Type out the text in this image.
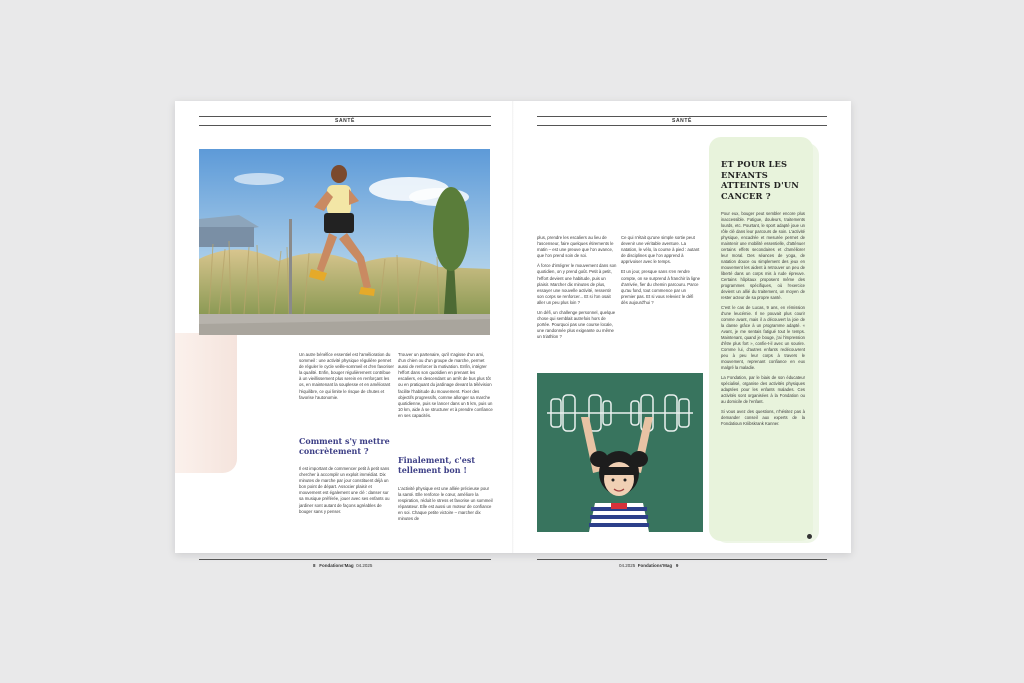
SANTÉ

Un autre bénéfice essentiel est l'amélioration du sommeil : une activité physique régulière permet de réguler le cycle veille-sommeil et d'en favoriser la qualité. Enfin, bouger régulièrement contribue à un vieillissement plus serein en renforçant les os, en maintenant la souplesse et en améliorant l'équilibre, ce qui limite le risque de chutes et favorise l'autonomie.

Comment s'y mettre concrètement ?

Il est important de commencer petit à petit sans chercher à accomplir un exploit immédiat. Dix minutes de marche par jour constituent déjà un bon point de départ. Associer plaisir et mouvement est également une clé : danser sur sa musique préférée, jouer avec ses enfants ou jardiner sont autant de façons agréables de bouger sans y penser.

Trouver un partenaire, qu'il s'agisse d'un ami, d'un chien ou d'un groupe de marche, permet aussi de renforcer la motivation. Enfin, intégrer l'effort dans son quotidien en prenant les escaliers, en descendant un arrêt de bus plus tôt ou en pratiquant du jardinage devant la télévision facilite l'habitude du mouvement. Fixer des objectifs progressifs, comme allonger sa marche quotidienne, puis se lancer dans un 5 km, puis un 10 km, aide à se structurer et à prendre confiance en ses capacités.

Finalement, c'est tellement bon !

L'activité physique est une alliée précieuse pour la santé. Elle renforce le cœur, améliore la respiration, réduit le stress et favorise un sommeil réparateur. Elle est aussi un moteur de confiance en soi. Chaque petite victoire – marcher dix minutes de

8 Fondations'Mag 04.2025
SANTÉ

plus, prendre les escaliers au lieu de l'ascenseur, faire quelques étirements le matin – est une preuve que l'on avance, que l'on prend soin de soi.

À force d'intégrer le mouvement dans son quotidien, on y prend goût. Petit à petit, l'effort devient une habitude, puis un plaisir. Marcher dix minutes de plus, essayer une nouvelle activité, ressentir son corps se renforcer... Et si l'on osait aller un peu plus loin ?

Un défi, un challenge personnel, quelque chose qui semblait autrefois hors de portée. Pourquoi pas une course locale, une randonnée plus exigeante ou même un triathlon ?

Ce qui n'était qu'une simple sortie peut devenir une véritable aventure. La natation, le vélo, la course à pied : autant de disciplines que l'on apprend à apprivoiser avec le temps.

Et un jour, presque sans s'en rendre compte, on se surprend à franchir la ligne d'arrivée, fier du chemin parcouru. Parce qu'au fond, tout commence par un premier pas. Et si vous releviez le défi dès aujourd'hui ?

ET POUR LES ENFANTS ATTEINTS D'UN CANCER ?

Pour eux, bouger peut sembler encore plus inaccessible. Fatigue, douleurs, traitements lourds, etc. Pourtant, le sport adapté joue un rôle clé dans leur parcours de soin. L'activité physique, encadrée et mesurée permet de maintenir une mobilité essentielle, d'atténuer certains effets secondaires et d'améliorer leur moral. Des séances de yoga, de natation douce ou simplement des jeux en mouvement les aident à retrouver un peu de liberté dans un corps mis à rude épreuve. Certains hôpitaux proposent même des programmes spécifiques, où l'exercice devient un allié du traitement, un moyen de rester acteur de sa propre santé.

C'est le cas de Lucas, 9 ans, en rémission d'une leucémie. Il ne pouvait plus courir comme avant, mais il a découvert la joie de la danse grâce à un programme adapté. « Avant, je me sentais fatigué tout le temps. Maintenant, quand je bouge, j'ai l'impression d'être plus fort », confie-t-il avec un sourire. Comme lui, d'autres enfants redécouvrent peu à peu leur corps à travers le mouvement, reprenant confiance en eux malgré la maladie.

La Fondation, par le biais de son éducateur spécialisé, organise des activités physiques adaptées pour les enfants malades. Ces activités sont organisées à la Fondation ou au domicile de l'enfant.

Si vous avez des questions, n'hésitez pas à demander conseil aux experts de la Fondatioun Kriibskrank Kanner.

04.2025 Fondations'Mag 9
